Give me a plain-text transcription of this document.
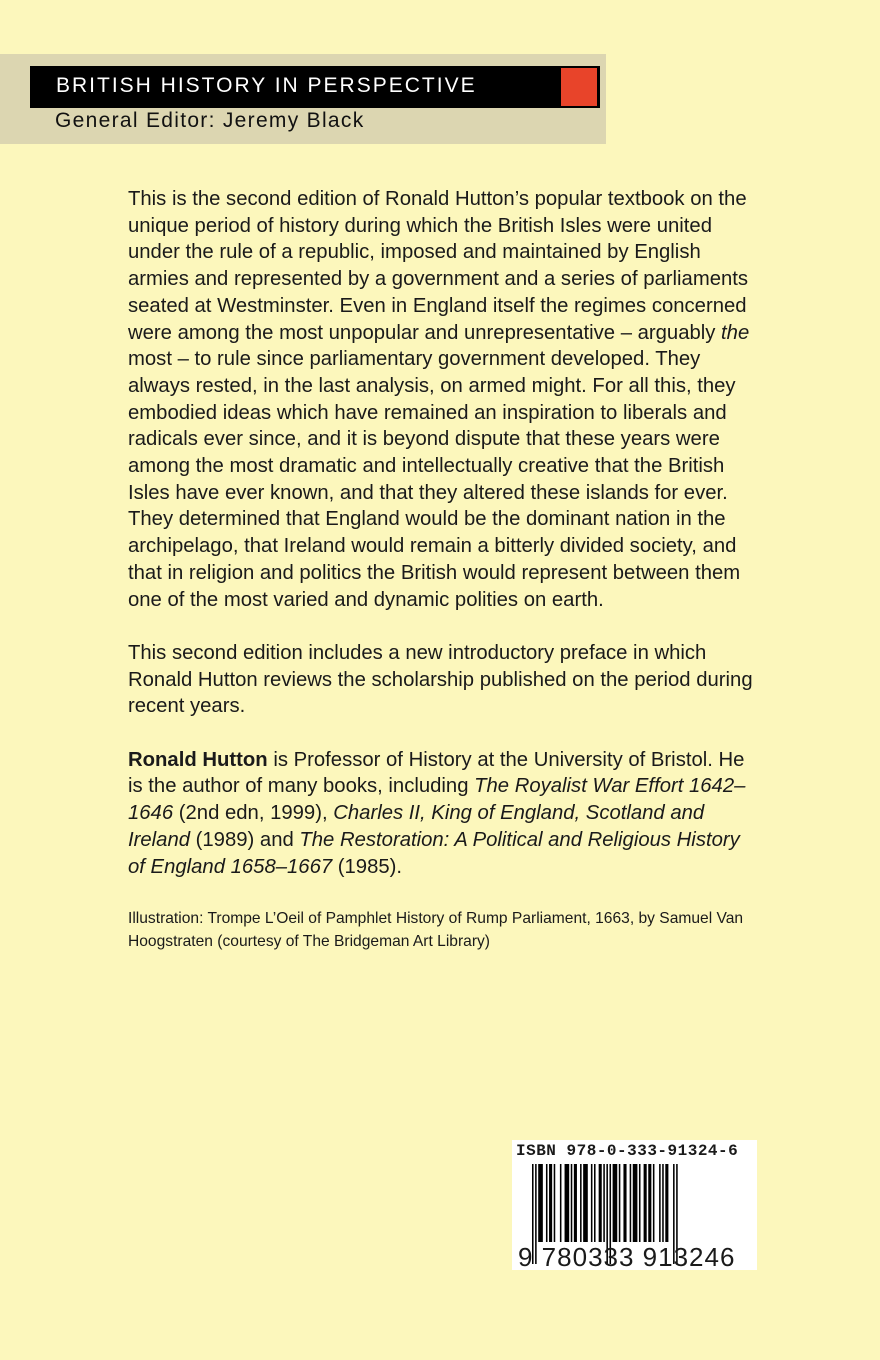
BRITISH HISTORY IN PERSPECTIVE
General Editor: Jeremy Black

This is the second edition of Ronald Hutton’s popular textbook on the unique period of history during which the British Isles were united under the rule of a republic, imposed and maintained by English armies and represented by a government and a series of parliaments seated at Westminster. Even in England itself the regimes concerned were among the most unpopular and unrepresentative – arguably the most – to rule since parliamentary government developed. They always rested, in the last analysis, on armed might. For all this, they embodied ideas which have remained an inspiration to liberals and radicals ever since, and it is beyond dispute that these years were among the most dramatic and intellectually creative that the British Isles have ever known, and that they altered these islands for ever. They determined that England would be the dominant nation in the archipelago, that Ireland would remain a bitterly divided society, and that in religion and politics the British would represent between them one of the most varied and dynamic polities on earth.

This second edition includes a new introductory preface in which Ronald Hutton reviews the scholarship published on the period during recent years.

Ronald Hutton is Professor of History at the University of Bristol. He is the author of many books, including The Royalist War Effort 1642–1646 (2nd edn, 1999), Charles II, King of England, Scotland and Ireland (1989) and The Restoration: A Political and Religious History of England 1658–1667 (1985).

Illustration: Trompe L’Oeil of Pamphlet History of Rump Parliament, 1663, by Samuel Van Hoogstraten (courtesy of The Bridgeman Art Library)

ISBN 978-0-333-91324-6
9 780333 913246
